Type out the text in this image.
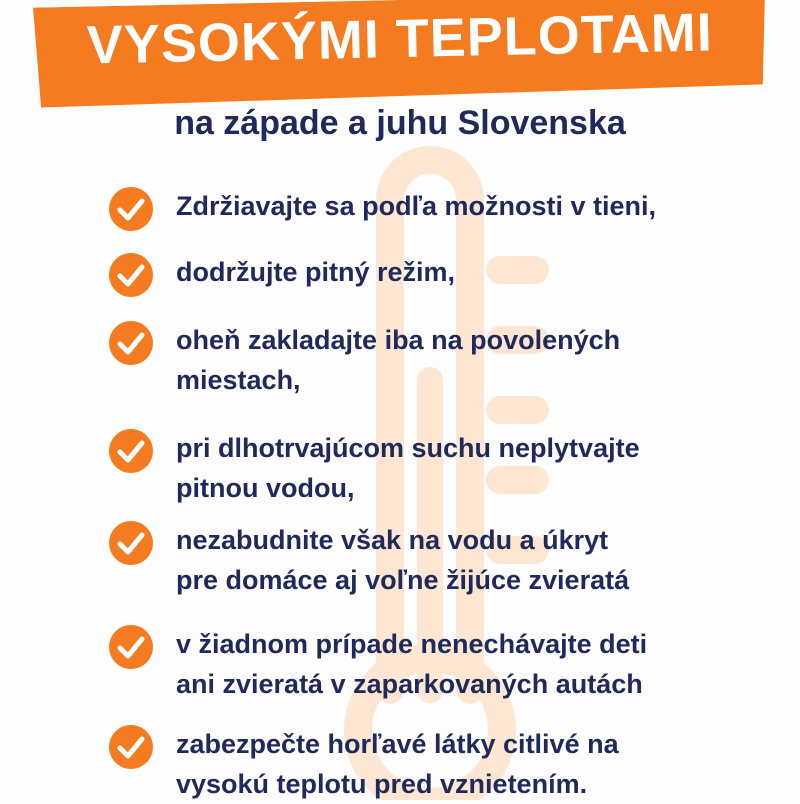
VYSOKÝMI TEPLOTAMI
na západe a juhu Slovenska
Zdržiavajte sa podľa možnosti v tieni,
dodržujte pitný režim,
oheň zakladajte iba na povolených
miestach,
pri dlhotrvajúcom suchu neplytvajte
pitnou vodou,
nezabudnite však na vodu a úkryt
pre domáce aj voľne žijúce zvieratá
v žiadnom prípade nenechávajte deti
ani zvieratá v zaparkovaných autách
zabezpečte horľavé látky citlivé na
vysokú teplotu pred vznietením.
